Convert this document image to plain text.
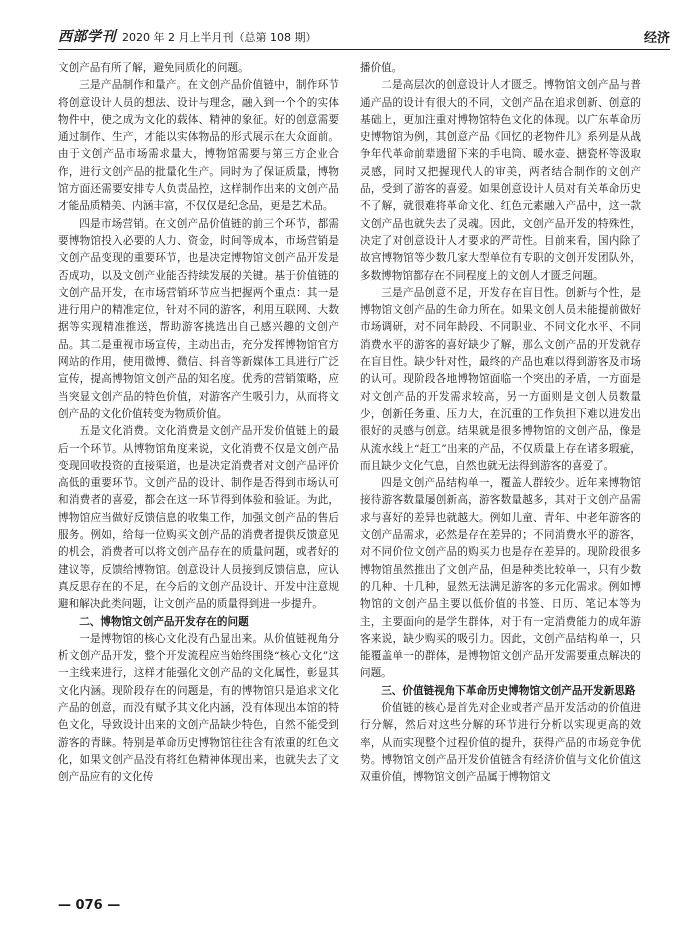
西部学刊 2020 年 2 月上半月刊（总第 108 期）	经济

文创产品有所了解，避免同质化的问题。

三是产品制作和量产。在文创产品价值链中，制作环节将创意设计人员的想法、设计与理念，融入到一个个的实体物件中，使之成为文化的载体、精神的象征。好的创意需要通过制作、生产，才能以实体物品的形式展示在大众面前。由于文创产品市场需求量大，博物馆需要与第三方企业合作，进行文创产品的批量化生产。同时为了保证质量，博物馆方面还需要安排专人负责品控，这样制作出来的文创产品才能品质精美、内涵丰富，不仅仅是纪念品，更是艺术品。

四是市场营销。在文创产品价值链的前三个环节，都需要博物馆投入必要的人力、资金，时间等成本，市场营销是文创产品变现的重要环节，也是决定博物馆文创产品开发是否成功，以及文创产业能否持续发展的关键。基于价值链的文创产品开发，在市场营销环节应当把握两个重点：其一是进行用户的精准定位，针对不同的游客，利用互联网、大数据等实现精准推送，帮助游客挑选出自己感兴趣的文创产品。其二是重视市场宣传，主动出击，充分发挥博物馆官方网站的作用，使用微博、微信、抖音等新媒体工具进行广泛宣传，提高博物馆文创产品的知名度。优秀的营销策略，应当突显文创产品的特色价值，对游客产生吸引力，从而将文创产品的文化价值转变为物质价值。

五是文化消费。文化消费是文创产品开发价值链上的最后一个环节。从博物馆角度来说，文化消费不仅是文创产品变现回收投资的直接渠道，也是决定消费者对文创产品评价高低的重要环节。文创产品的设计、制作是否得到市场认可和消费者的喜爱，都会在这一环节得到体验和验证。为此，博物馆应当做好反馈信息的收集工作，加强文创产品的售后服务。例如，给每一位购买文创产品的消费者提供反馈意见的机会，消费者可以将文创产品存在的质量问题，或者好的建议等，反馈给博物馆。创意设计人员接到反馈信息，应认真反思存在的不足，在今后的文创产品设计、开发中注意规避和解决此类问题，让文创产品的质量得到进一步提升。

二、博物馆文创产品开发存在的问题

一是博物馆的核心文化没有凸显出来。从价值链视角分析文创产品开发，整个开发流程应当始终围绕“核心文化”这一主线来进行，这样才能强化文创产品的文化属性，彰显其文化内涵。现阶段存在的问题是，有的博物馆只是追求文化产品的创意，而没有赋予其文化内涵，没有体现出本馆的特色文化，导致设计出来的文创产品缺少特色，自然不能受到游客的青睐。特别是革命历史博物馆往往含有浓重的红色文化，如果文创产品没有将红色精神体现出来，也就失去了文创产品应有的文化传

播价值。

二是高层次的创意设计人才匮乏。博物馆文创产品与普通产品的设计有很大的不同，文创产品在追求创新、创意的基础上，更加注重对博物馆特色文化的体现。以广东革命历史博物馆为例，其创意产品《回忆的老物件儿》系列是从战争年代革命前辈遗留下来的手电筒、暖水壶、搪瓷杯等汲取灵感，同时又把握现代人的审美，两者结合制作的文创产品，受到了游客的喜爱。如果创意设计人员对有关革命历史不了解，就很难将革命文化、红色元素融入产品中，这一款文创产品也就失去了灵魂。因此，文创产品开发的特殊性，决定了对创意设计人才要求的严苛性。目前来看，国内除了故宫博物馆等少数几家大型单位有专职的文创开发团队外，多数博物馆都存在不同程度上的文创人才匮乏问题。

三是产品创意不足，开发存在盲目性。创新与个性，是博物馆文创产品的生命力所在。如果文创人员未能提前做好市场调研，对不同年龄段、不同职业、不同文化水平、不同消费水平的游客的喜好缺少了解，那么文创产品的开发就存在盲目性。缺少针对性，最终的产品也难以得到游客及市场的认可。现阶段各地博物馆面临一个突出的矛盾，一方面是对文创产品的开发需求较高，另一方面则是文创人员数量少，创新任务重、压力大，在沉重的工作负担下难以进发出很好的灵感与创意。结果就是很多博物馆的文创产品，像是从流水线上“赶工”出来的产品，不仅质量上存在诸多瑕疵，而且缺少文化气息，自然也就无法得到游客的喜爱了。

四是文创产品结构单一，覆盖人群较少。近年来博物馆接待游客数量屡创新高，游客数量越多，其对于文创产品需求与喜好的差异也就越大。例如儿童、青年、中老年游客的文创产品需求，必然是存在差异的；不同消费水平的游客，对不同价位文创产品的购买力也是存在差异的。现阶段很多博物馆虽然推出了文创产品，但是种类比较单一，只有少数的几种、十几种，显然无法满足游客的多元化需求。例如博物馆的文创产品主要以低价值的书签、日历、笔记本等为主，主要面向的是学生群体，对于有一定消费能力的成年游客来说，缺少购买的吸引力。因此，文创产品结构单一，只能覆盖单一的群体，是博物馆文创产品开发需要重点解决的问题。

三、价值链视角下革命历史博物馆文创产品开发新思路

价值链的核心是首先对企业或者产品开发活动的价值进行分解，然后对这些分解的环节进行分析以实现更高的效率，从而实现整个过程价值的提升，获得产品的市场竞争优势。博物馆文创产品开发价值链含有经济价值与文化价值这双重价值，博物馆文创产品属于博物馆文

— 076 —
